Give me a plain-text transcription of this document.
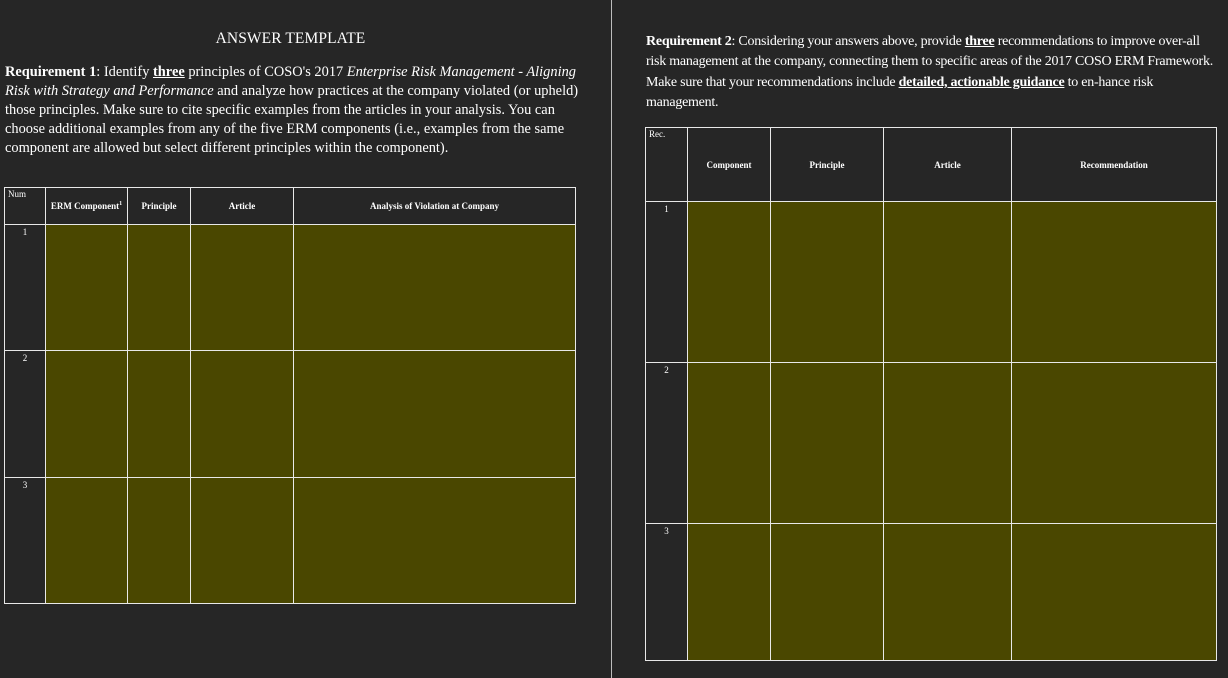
ANSWER TEMPLATE
Requirement 1: Identify three principles of COSO's 2017 Enterprise Risk Management - Aligning Risk with Strategy and Performance and analyze how practices at the company violated (or upheld) those principles. Make sure to cite specific examples from the articles in your analysis. You can choose additional examples from any of the five ERM components (i.e., examples from the same component are allowed but select different principles within the component).
Num	ERM Component$^1$	Principle	Article	Analysis of Violation at Company
1				
2				
3				
Requirement 2: Considering your answers above, provide three recommendations to improve over-all risk management at the company, connecting them to specific areas of the 2017 COSO ERM Framework. Make sure that your recommendations include detailed, actionable guidance to en-hance risk management.
Rec.	Component	Principle	Article	Recommendation
1				
2				
3				
